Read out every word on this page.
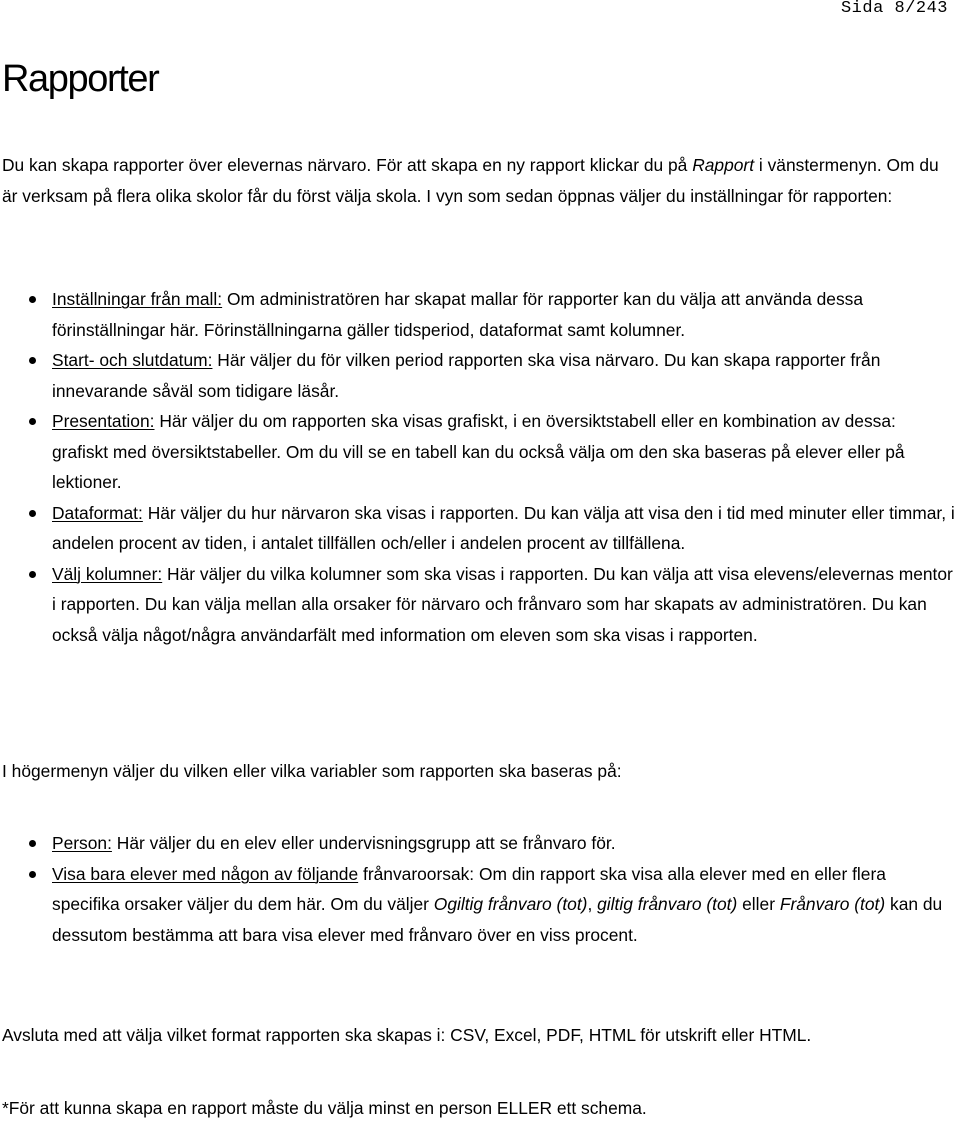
Sida 8/243
Rapporter

Du kan skapa rapporter över elevernas närvaro. För att skapa en ny rapport klickar du på Rapport i vänstermenyn. Om du är verksam på flera olika skolor får du först välja skola. I vyn som sedan öppnas väljer du inställningar för rapporten:

Inställningar från mall: Om administratören har skapat mallar för rapporter kan du välja att använda dessa förinställningar här. Förinställningarna gäller tidsperiod, dataformat samt kolumner.
Start- och slutdatum: Här väljer du för vilken period rapporten ska visa närvaro. Du kan skapa rapporter från innevarande såväl som tidigare läsår.
Presentation: Här väljer du om rapporten ska visas grafiskt, i en översiktstabell eller en kombination av dessa: grafiskt med översiktstabeller. Om du vill se en tabell kan du också välja om den ska baseras på elever eller på lektioner.
Dataformat: Här väljer du hur närvaron ska visas i rapporten. Du kan välja att visa den i tid med minuter eller timmar, i andelen procent av tiden, i antalet tillfällen och/eller i andelen procent av tillfällena.
Välj kolumner: Här väljer du vilka kolumner som ska visas i rapporten. Du kan välja att visa elevens/elevernas mentor i rapporten. Du kan välja mellan alla orsaker för närvaro och frånvaro som har skapats av administratören. Du kan också välja något/några användarfält med information om eleven som ska visas i rapporten.

I högermenyn väljer du vilken eller vilka variabler som rapporten ska baseras på:

Person: Här väljer du en elev eller undervisningsgrupp att se frånvaro för.
Visa bara elever med någon av följande frånvaroorsak: Om din rapport ska visa alla elever med en eller flera specifika orsaker väljer du dem här. Om du väljer Ogiltig frånvaro (tot), giltig frånvaro (tot) eller Frånvaro (tot) kan du dessutom bestämma att bara visa elever med frånvaro över en viss procent.

Avsluta med att välja vilket format rapporten ska skapas i: CSV, Excel, PDF, HTML för utskrift eller HTML.

*För att kunna skapa en rapport måste du välja minst en person ELLER ett schema.
